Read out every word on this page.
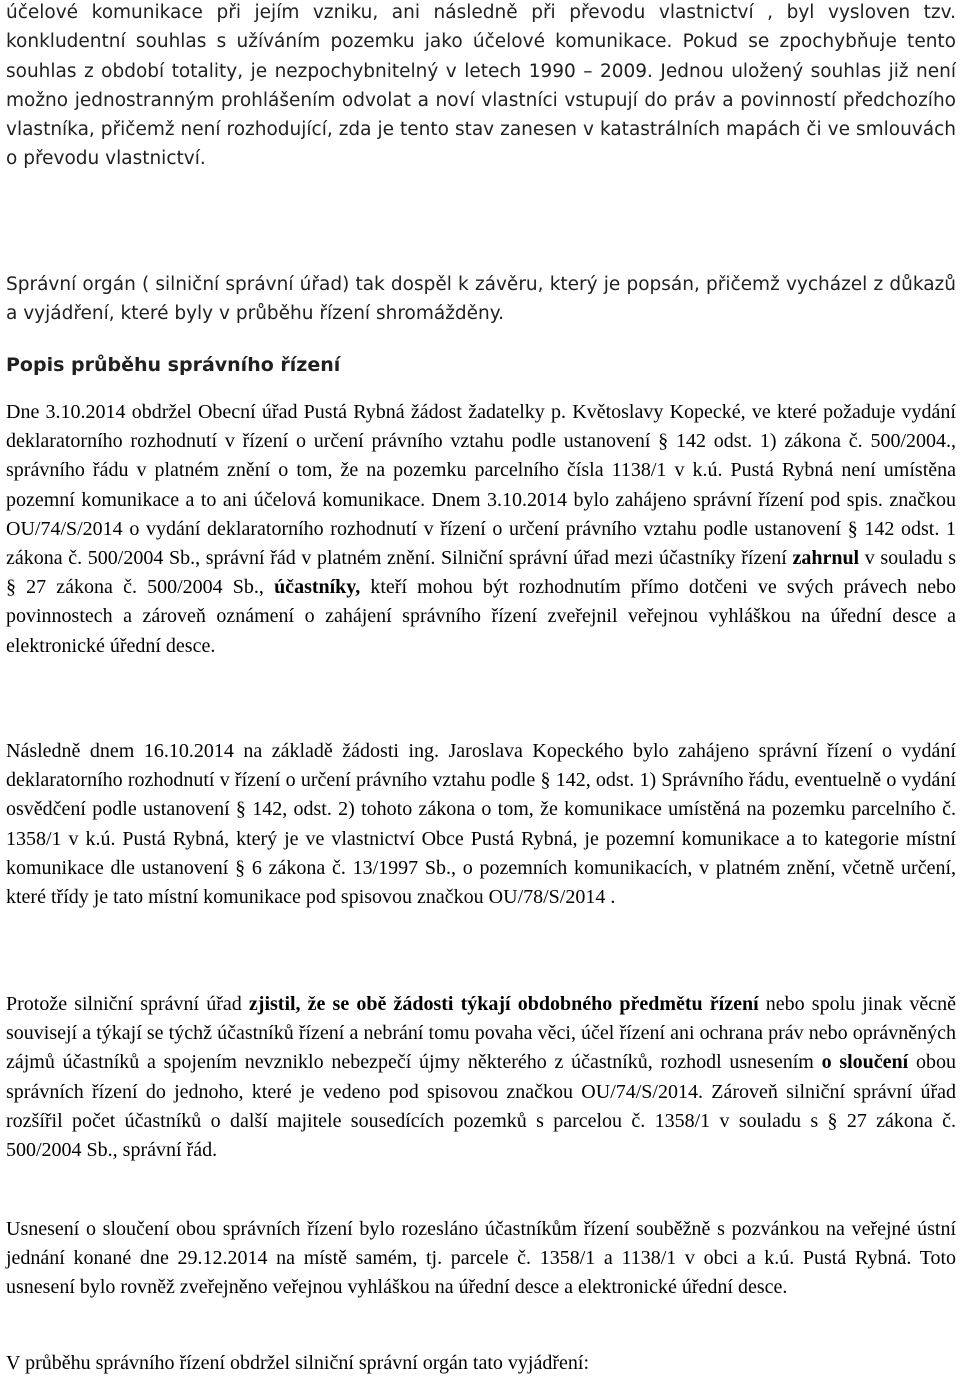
účelové komunikace při jejím vzniku, ani následně při převodu vlastnictví , byl vysloven tzv. konkludentní souhlas s užíváním pozemku jako účelové komunikace. Pokud se zpochybňuje tento souhlas z období totality, je nezpochybnitelný v letech 1990 – 2009. Jednou uložený souhlas již není možno jednostranným prohlášením odvolat a noví vlastníci vstupují do práv a povinností předchozího vlastníka, přičemž není rozhodující, zda je tento stav zanesen v katastrálních mapách či ve smlouvách o převodu vlastnictví.

Správní orgán ( silniční správní úřad) tak dospěl k závěru, který je popsán, přičemž vycházel z důkazů a vyjádření, které byly v průběhu řízení shromážděny.

Popis průběhu správního řízení

Dne 3.10.2014 obdržel Obecní úřad Pustá Rybná žádost žadatelky p. Květoslavy Kopecké, ve které požaduje vydání deklaratorního rozhodnutí v řízení o určení právního vztahu podle ustanovení § 142 odst. 1) zákona č. 500/2004., správního řádu v platném znění o tom, že na pozemku parcelního čísla 1138/1 v k.ú. Pustá Rybná není umístěna pozemní komunikace a to ani účelová komunikace. Dnem 3.10.2014 bylo zahájeno správní řízení pod spis. značkou OU/74/S/2014 o vydání deklaratorního rozhodnutí v řízení o určení právního vztahu podle ustanovení § 142 odst. 1 zákona č. 500/2004 Sb., správní řád v platném znění. Silniční správní úřad mezi účastníky řízení zahrnul v souladu s § 27 zákona č. 500/2004 Sb., účastníky, kteří mohou být rozhodnutím přímo dotčeni ve svých právech nebo povinnostech a zároveň oznámení o zahájení správního řízení zveřejnil veřejnou vyhláškou na úřední desce a elektronické úřední desce.

Následně dnem 16.10.2014 na základě žádosti ing. Jaroslava Kopeckého bylo zahájeno správní řízení o vydání deklaratorního rozhodnutí v řízení o určení právního vztahu podle § 142, odst. 1) Správního řádu, eventuelně o vydání osvědčení podle ustanovení § 142, odst. 2) tohoto zákona o tom, že komunikace umístěná na pozemku parcelního č. 1358/1 v k.ú. Pustá Rybná, který je ve vlastnictví Obce Pustá Rybná, je pozemní komunikace a to kategorie místní komunikace dle ustanovení § 6 zákona č. 13/1997 Sb., o pozemních komunikacích, v platném znění, včetně určení, které třídy je tato místní komunikace pod spisovou značkou OU/78/S/2014 .

Protože silniční správní úřad zjistil, že se obě žádosti týkají obdobného předmětu řízení nebo spolu jinak věcně souvisejí a týkají se týchž účastníků řízení a nebrání tomu povaha věci, účel řízení ani ochrana práv nebo oprávněných zájmů účastníků a spojením nevzniklo nebezpečí újmy některého z účastníků, rozhodl usnesením o sloučení obou správních řízení do jednoho, které je vedeno pod spisovou značkou OU/74/S/2014. Zároveň silniční správní úřad rozšířil počet účastníků o další majitele sousedících pozemků s parcelou č. 1358/1 v souladu s § 27 zákona č. 500/2004 Sb., správní řád.

Usnesení o sloučení obou správních řízení bylo rozesláno účastníkům řízení souběžně s pozvánkou na veřejné ústní jednání konané dne 29.12.2014 na místě samém, tj. parcele č. 1358/1 a 1138/1 v obci a k.ú. Pustá Rybná. Toto usnesení bylo rovněž zveřejněno veřejnou vyhláškou na úřední desce a elektronické úřední desce.

V průběhu správního řízení obdržel silniční správní orgán tato vyjádření:
